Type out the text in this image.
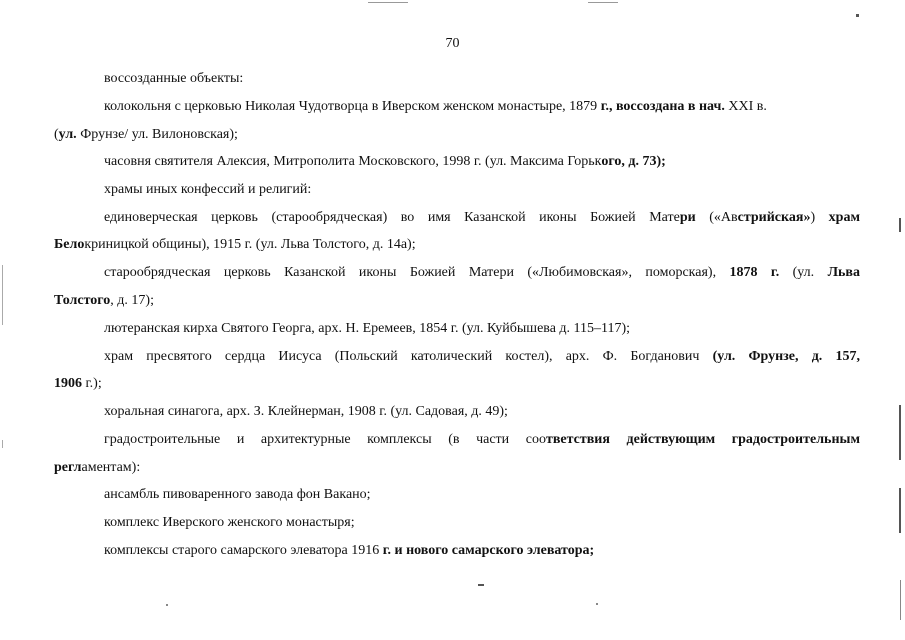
70
воссозданные объекты:
колокольня с церковью Николая Чудотворца в Иверском женском монастыре, 1879 г., воссоздана в нач. XXI в.
(ул. Фрунзе/ ул. Вилоновская);
часовня святителя Алексия, Митрополита Московского, 1998 г. (ул. Максима Горького, д. 73);
храмы иных конфессий и религий:
единоверческая церковь (старообрядческая) во имя Казанской иконы Божией Матери («Австрийская») храм
Белокриницкой общины), 1915 г. (ул. Льва Толстого, д. 14а);
старообрядческая церковь Казанской иконы Божией Матери («Любимовская», поморская), 1878 г. (ул. Льва
Толстого, д. 17);
лютеранская кирха Святого Георга, арх. Н. Еремеев, 1854 г. (ул. Куйбышева д. 115–117);
храм пресвятого сердца Иисуса (Польский католический костел), арх. Ф. Богданович (ул. Фрунзе, д. 157,
1906 г.);
хоральная синагога, арх. З. Клейнерман, 1908 г. (ул. Садовая, д. 49);
градостроительные и архитектурные комплексы (в части соответствия действующим градостроительным
регламентам):
ансамбль пивоваренного завода фон Вакано;
комплекс Иверского женского монастыря;
комплексы старого самарского элеватора 1916 г. и нового самарского элеватора;
